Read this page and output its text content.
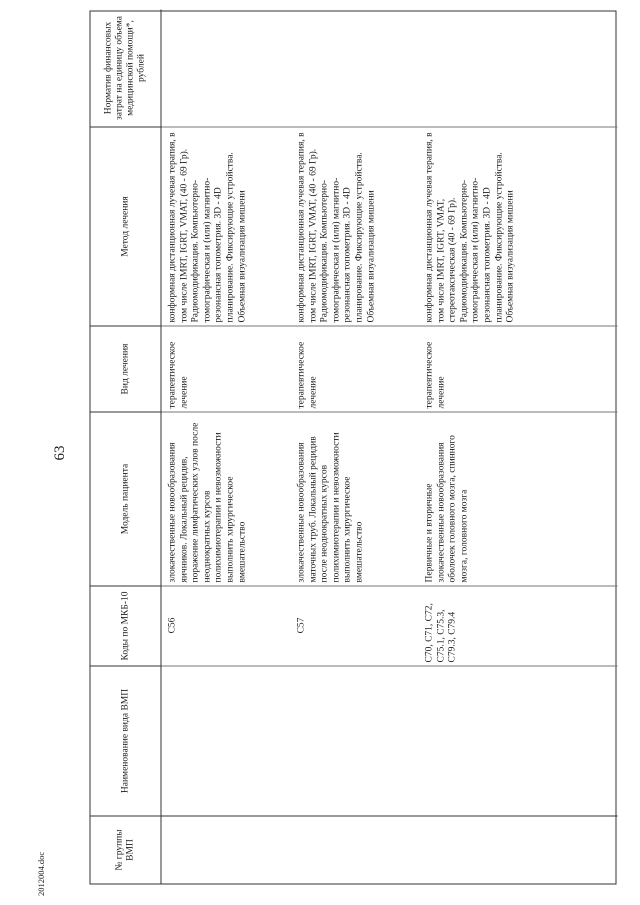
63
2012004.doc
№ группы ВМП
Наименование вида ВМП
Коды по МКБ-10
Модель пациента
Вид лечения
Метод лечения
Норматив финансовых затрат на единицу объема медицинской помощи*, рублей
C56
злокачественные новообразования яичников. Локальный рецидив, поражение лимфатических узлов после неоднократных курсов полихимиотерапии и невозможности выполнить хирургическое вмешательство
терапевтическое лечение
конформная дистанционная лучевая терапия, в том числе IMRT, IGRT, VMAT, (40 - 69 Гр). Радиомодификация. Компьютерно-томографическая и (или) магнитно-резонансная топометрия. 3D - 4D планирование. Фиксирующие устройства. Объемная визуализация мишени
C57
злокачественные новообразования маточных труб. Локальный рецидив после неоднократных курсов полихимиотерапии и невозможности выполнить хирургическое вмешательство
терапевтическое лечение
конформная дистанционная лучевая терапия, в том числе IMRT, IGRT, VMAT, (40 - 69 Гр). Радиомодификация. Компьютерно-томографическая и (или) магнитно-резонансная топометрия. 3D - 4D планирование. Фиксирующие устройства. Объемная визуализация мишени
C70, C71, C72, C75.1, C75.3, C79.3, C79.4
Первичные и вторичные злокачественные новообразования оболочек головного мозга, спинного мозга, головного мозга
терапевтическое лечение
конформная дистанционная лучевая терапия, в том числе IMRT, IGRT, VMAT, стереотаксическая (40 - 69 Гр). Радиомодификация. Компьютерно-томографическая и (или) магнитно-резонансная топометрия. 3D - 4D планирование. Фиксирующие устройства. Объемная визуализация мишени
